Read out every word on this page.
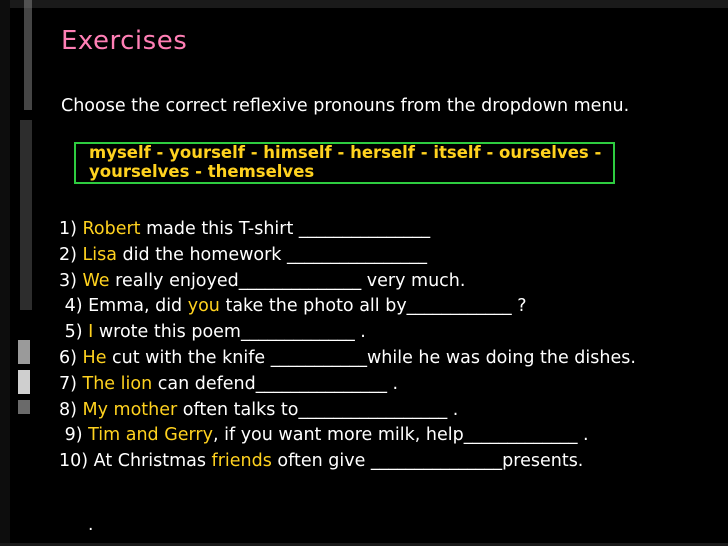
Exercises
Choose the correct reflexive pronouns from the dropdown menu.
myself - yourself - himself - herself - itself - ourselves -
yourselves - themselves
1) Robert made this T-shirt _______________
2) Lisa did the homework ________________
3) We really enjoyed______________ very much.
4) Emma, did you take the photo all by____________ ?
5) I wrote this poem_____________ .
6) He cut with the knife ___________while he was doing the dishes.
7) The lion can defend_______________ .
8) My mother often talks to_________________ .
9) Tim and Gerry, if you want more milk, help_____________ .
10) At Christmas friends often give _______________presents.
.
